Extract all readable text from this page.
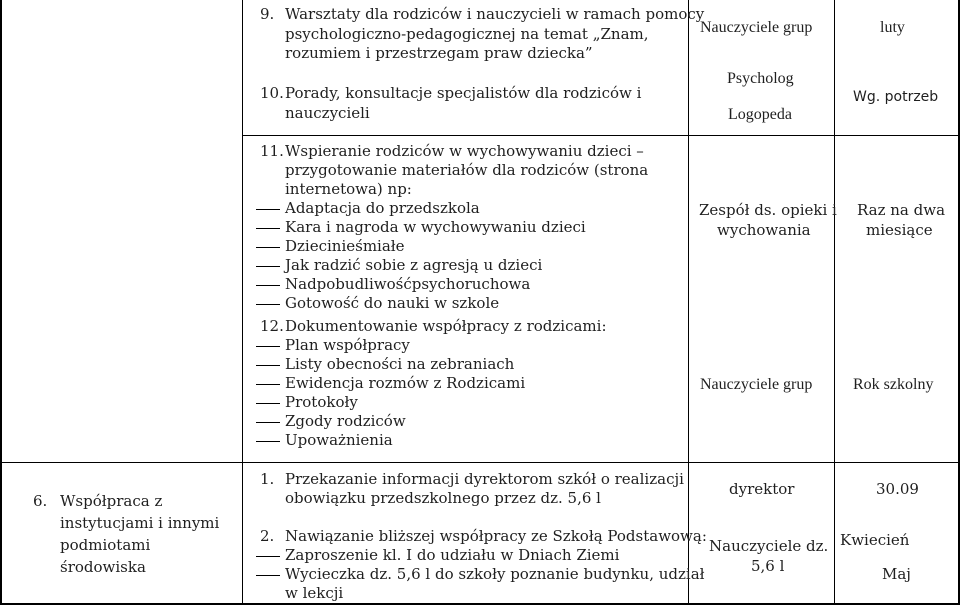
9. Warsztaty dla rodziców i nauczycieli w ramach pomocy
psychologiczno-pedagogicznej na temat „Znam,
rozumiem i przestrzegam praw dziecka”
10. Porady, konsultacje specjalistów dla rodziców i
nauczycieli
11. Wspieranie rodziców w wychowywaniu dzieci –
przygotowanie materiałów dla rodziców (strona
internetowa) np:
Adaptacja do przedszkola
Kara i nagroda w wychowywaniu dzieci
Dziecinieśmiałe
Jak radzić sobie z agresją u dzieci
Nadpobudliwośćpsychoruchowa
Gotowość do nauki w szkole
12. Dokumentowanie współpracy z rodzicami:
Plan współpracy
Listy obecności na zebraniach
Ewidencja rozmów z Rodzicami
Protokoły
Zgody rodziców
Upoważnienia
Nauczyciele grup
Psycholog
Logopeda
Zespół ds. opieki i
wychowania
Nauczyciele grup
luty
Wg. potrzeb
Raz na dwa
miesiące
Rok szkolny
6. Współpraca z
instytucjami i innymi
podmiotami
środowiska
1. Przekazanie informacji dyrektorom szkół o realizacji
obowiązku przedszkolnego przez dz. 5,6 l
2. Nawiązanie bliższej współpracy ze Szkołą Podstawową:
Zaproszenie kl. I do udziału w Dniach Ziemi
Wycieczka dz. 5,6 l do szkoły poznanie budynku, udział
w lekcji
dyrektor
Nauczyciele dz.
5,6 l
30.09
Kwiecień
Maj
